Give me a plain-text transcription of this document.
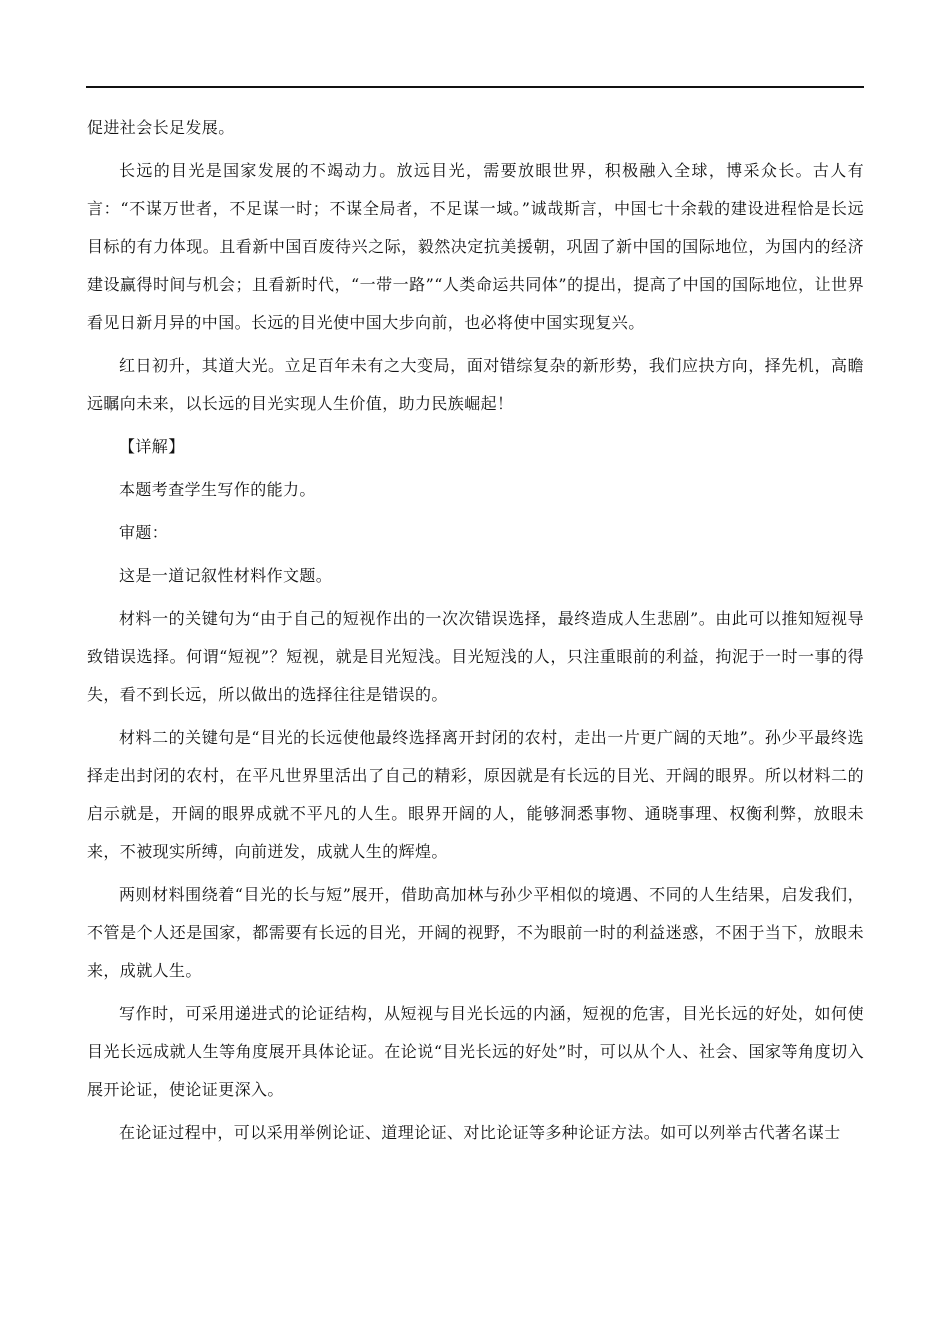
促进社会长足发展。

长远的目光是国家发展的不竭动力。放远目光，需要放眼世界，积极融入全球，博采众长。古人有言：“不谋万世者，不足谋一时；不谋全局者，不足谋一域。”诚哉斯言，中国七十余载的建设进程恰是长远目标的有力体现。且看新中国百废待兴之际，毅然决定抗美援朝，巩固了新中国的国际地位，为国内的经济建设赢得时间与机会；且看新时代，“一带一路”“人类命运共同体”的提出，提高了中国的国际地位，让世界看见日新月异的中国。长远的目光使中国大步向前，也必将使中国实现复兴。

红日初升，其道大光。立足百年未有之大变局，面对错综复杂的新形势，我们应抉方向，择先机，高瞻远瞩向未来，以长远的目光实现人生价值，助力民族崛起！

【详解】

本题考查学生写作的能力。

审题：

这是一道记叙性材料作文题。

材料一的关键句为“由于自己的短视作出的一次次错误选择，最终造成人生悲剧”。由此可以推知短视导致错误选择。何谓“短视”？短视，就是目光短浅。目光短浅的人，只注重眼前的利益，拘泥于一时一事的得失，看不到长远，所以做出的选择往往是错误的。

材料二的关键句是“目光的长远使他最终选择离开封闭的农村，走出一片更广阔的天地”。孙少平最终选择走出封闭的农村，在平凡世界里活出了自己的精彩，原因就是有长远的目光、开阔的眼界。所以材料二的启示就是，开阔的眼界成就不平凡的人生。眼界开阔的人，能够洞悉事物、通晓事理、权衡利弊，放眼未来，不被现实所缚，向前迸发，成就人生的辉煌。

两则材料围绕着“目光的长与短”展开，借助高加林与孙少平相似的境遇、不同的人生结果，启发我们，不管是个人还是国家，都需要有长远的目光，开阔的视野，不为眼前一时的利益迷惑，不困于当下，放眼未来，成就人生。

写作时，可采用递进式的论证结构，从短视与目光长远的内涵，短视的危害，目光长远的好处，如何使目光长远成就人生等角度展开具体论证。在论说“目光长远的好处”时，可以从个人、社会、国家等角度切入展开论证，使论证更深入。

在论证过程中，可以采用举例论证、道理论证、对比论证等多种论证方法。如可以列举古代著名谋士
